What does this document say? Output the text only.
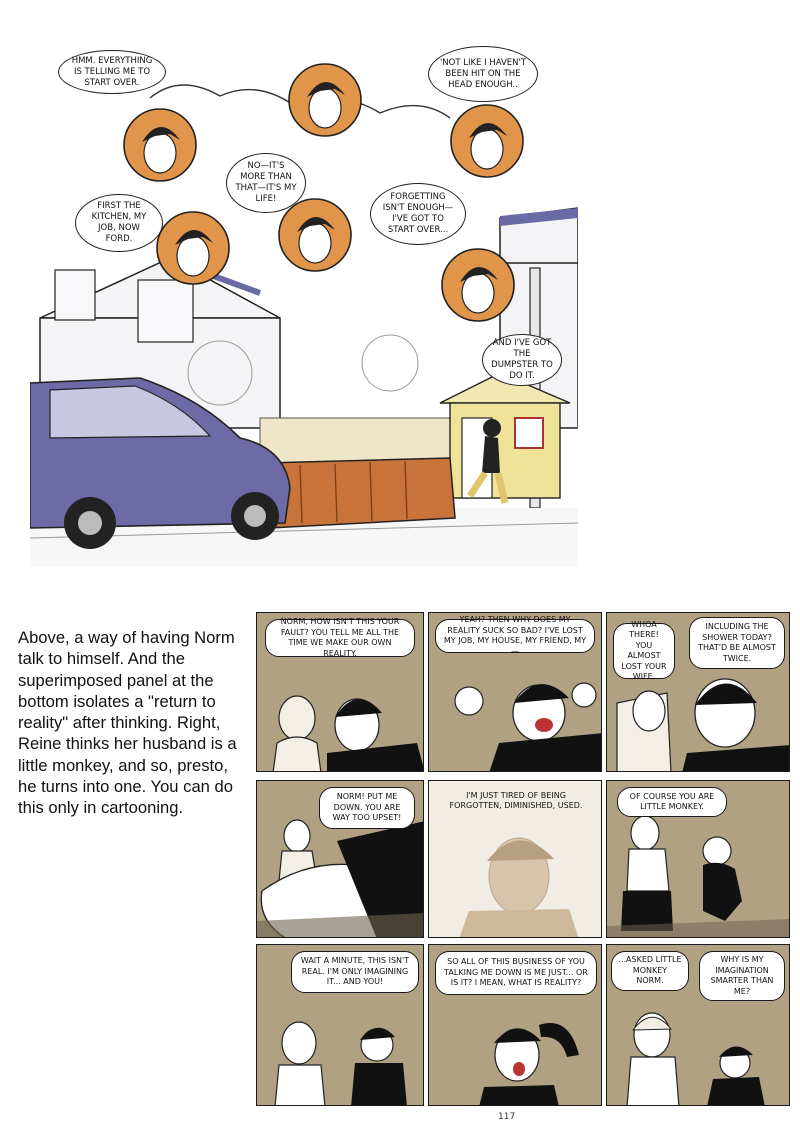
HMM. EVERYTHING IS TELLING ME TO START OVER.
'NOT LIKE I HAVEN'T BEEN HIT ON THE HEAD ENOUGH..
NO—IT'S MORE THAN THAT—IT'S MY LIFE!
FIRST THE KITCHEN, MY JOB, NOW FORD.
FORGETTING ISN'T ENOUGH— I'VE GOT TO START OVER...
AND I'VE GOT THE DUMPSTER TO DO IT.
Above, a way of having Norm talk to himself. And the superimposed panel at the bottom isolates a "return to reality" after thinking. Right, Reine thinks her husband is a little monkey, and so, presto, he turns into one. You can do this only in cartooning.
NORM, HOW ISN'T THIS YOUR FAULT? YOU TELL ME ALL THE TIME WE MAKE OUR OWN REALITY.
YEAH? THEN WHY DOES MY REALITY SUCK SO BAD? I'VE LOST MY JOB, MY HOUSE, MY FRIEND, MY —
WHOA THERE! YOU ALMOST LOST YOUR WIFE.
INCLUDING THE SHOWER TODAY? THAT'D BE ALMOST TWICE.
NORM! PUT ME DOWN. YOU ARE WAY TOO UPSET!
I'M JUST TIRED OF BEING FORGOTTEN, DIMINISHED, USED.
OF COURSE YOU ARE LITTLE MONKEY.
WAIT A MINUTE, THIS ISN'T REAL. I'M ONLY IMAGINING IT... AND YOU!
SO ALL OF THIS BUSINESS OF YOU TALKING ME DOWN IS ME JUST... OR IS IT? I MEAN, WHAT IS REALITY?
...ASKED LITTLE MONKEY NORM.
WHY IS MY IMAGINATION SMARTER THAN ME?
117
